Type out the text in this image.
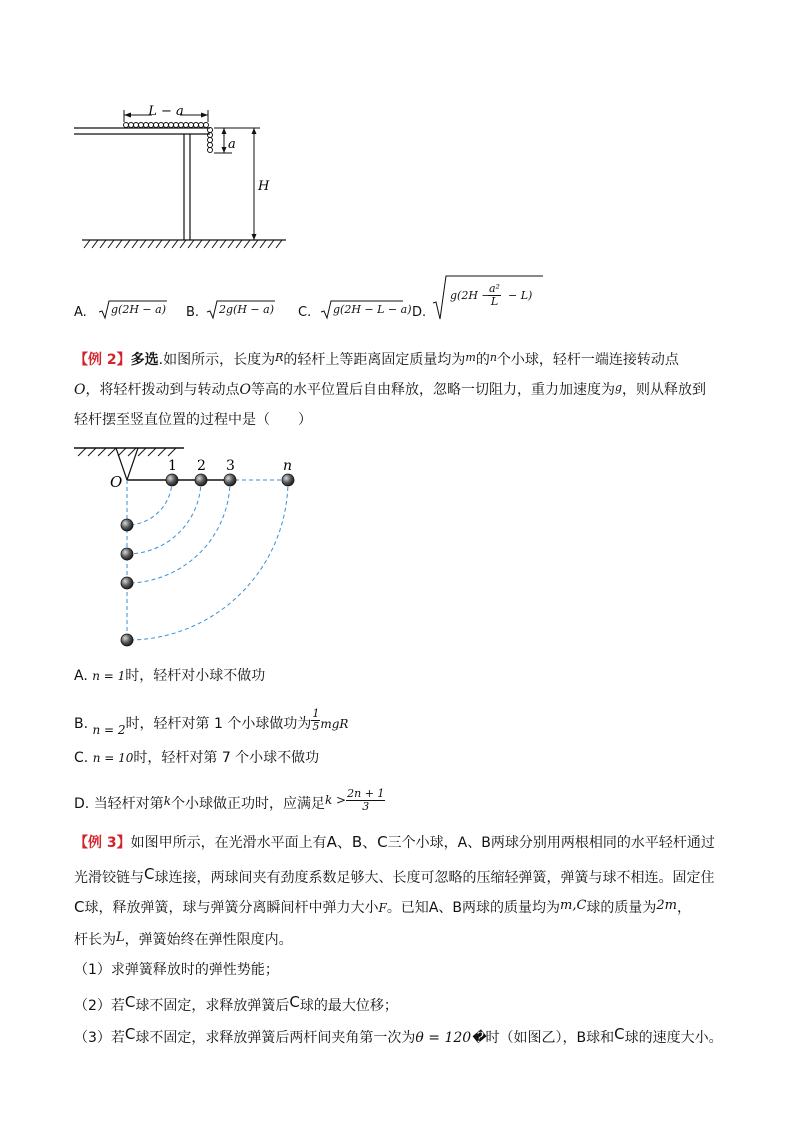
L − a
a
H
A. g(2H − a) B. 2g(H − a) C. g(2H − L − a) D.
g(2H −
$\frac{\text{a²}}{L} - L$)
【例 2】多选.如图所示，长度为$^R$的轻杆上等距离固定质量均为$^m$的$^n$个小球，轻杆一端连接转动点
O，将轻杆拨动到与转动点O等高的水平位置后自由释放，忽略一切阻力，重力加速度为$^g$，则从释放到
轻杆摆至竖直位置的过程中是（　　）
O
1 2 3	n
A. n = 1时，轻杆对小球不做功
B. n = 2时，轻杆对第 1 个小球做功为 $\frac{1}{5}$ mgR
C. n = 10时，轻杆对第 7 个小球不做功
D. 当轻杆对第k个小球做正功时，应满足$k > \frac{2n + 1}{3}$
【例 3】如图甲所示，在光滑水平面上有A、B、C三个小球，A、B两球分别用两根相同的水平轻杆通过
光滑铰链与C球连接，两球间夹有劲度系数足够大、长度可忽略的压缩轻弹簧，弹簧与球不相连。固定住
C球，释放弹簧，球与弹簧分离瞬间杆中弹力大小F。已知A、B两球的质量均为m,C球的质量为2m，
杆长为L，弹簧始终在弹性限度内。
（1）求弹簧释放时的弹性势能；
（2）若C球不固定，求释放弹簧后C球的最大位移；
（3）若C球不固定，求释放弹簧后两杆间夹角第一次为θ = 120�时（如图乙），B球和C球的速度大小。
